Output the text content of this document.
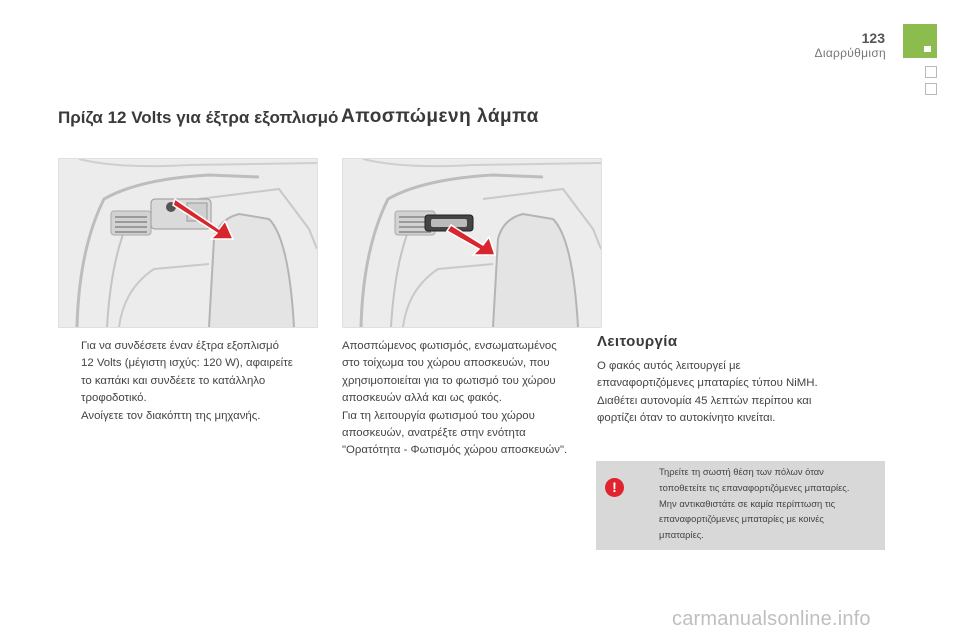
123
Διαρρύθμιση
Πρίζα 12 Volts για έξτρα εξοπλισμό Αποσπώμενη λάμπα
Για να συνδέσετε έναν έξτρα εξοπλισμό
12 Volts (μέγιστη ισχύς: 120 W), αφαιρείτε
το καπάκι και συνδέετε το κατάλληλο
τροφοδοτικό.
Ανοίγετε τον διακόπτη της μηχανής.
Αποσπώμενος φωτισμός, ενσωματωμένος
στο τοίχωμα του χώρου αποσκευών, που
χρησιμοποιείται για το φωτισμό του χώρου
αποσκευών αλλά και ως φακός.
Για τη λειτουργία φωτισμού του χώρου
αποσκευών, ανατρέξτε στην ενότητα
"Ορατότητα - Φωτισμός χώρου αποσκευών".
Λειτουργία
Ο φακός αυτός λειτουργεί με
επαναφορτιζόμενες μπαταρίες τύπου NiMH.
Διαθέτει αυτονομία 45 λεπτών περίπου και
φορτίζει όταν το αυτοκίνητο κινείται.
!
Τηρείτε τη σωστή θέση των πόλων όταν
τοποθετείτε τις επαναφορτιζόμενες μπαταρίες.
Μην αντικαθιστάτε σε καμία περίπτωση τις
επαναφορτιζόμενες μπαταρίες με κοινές
μπαταρίες.
carmanualsonline.info
